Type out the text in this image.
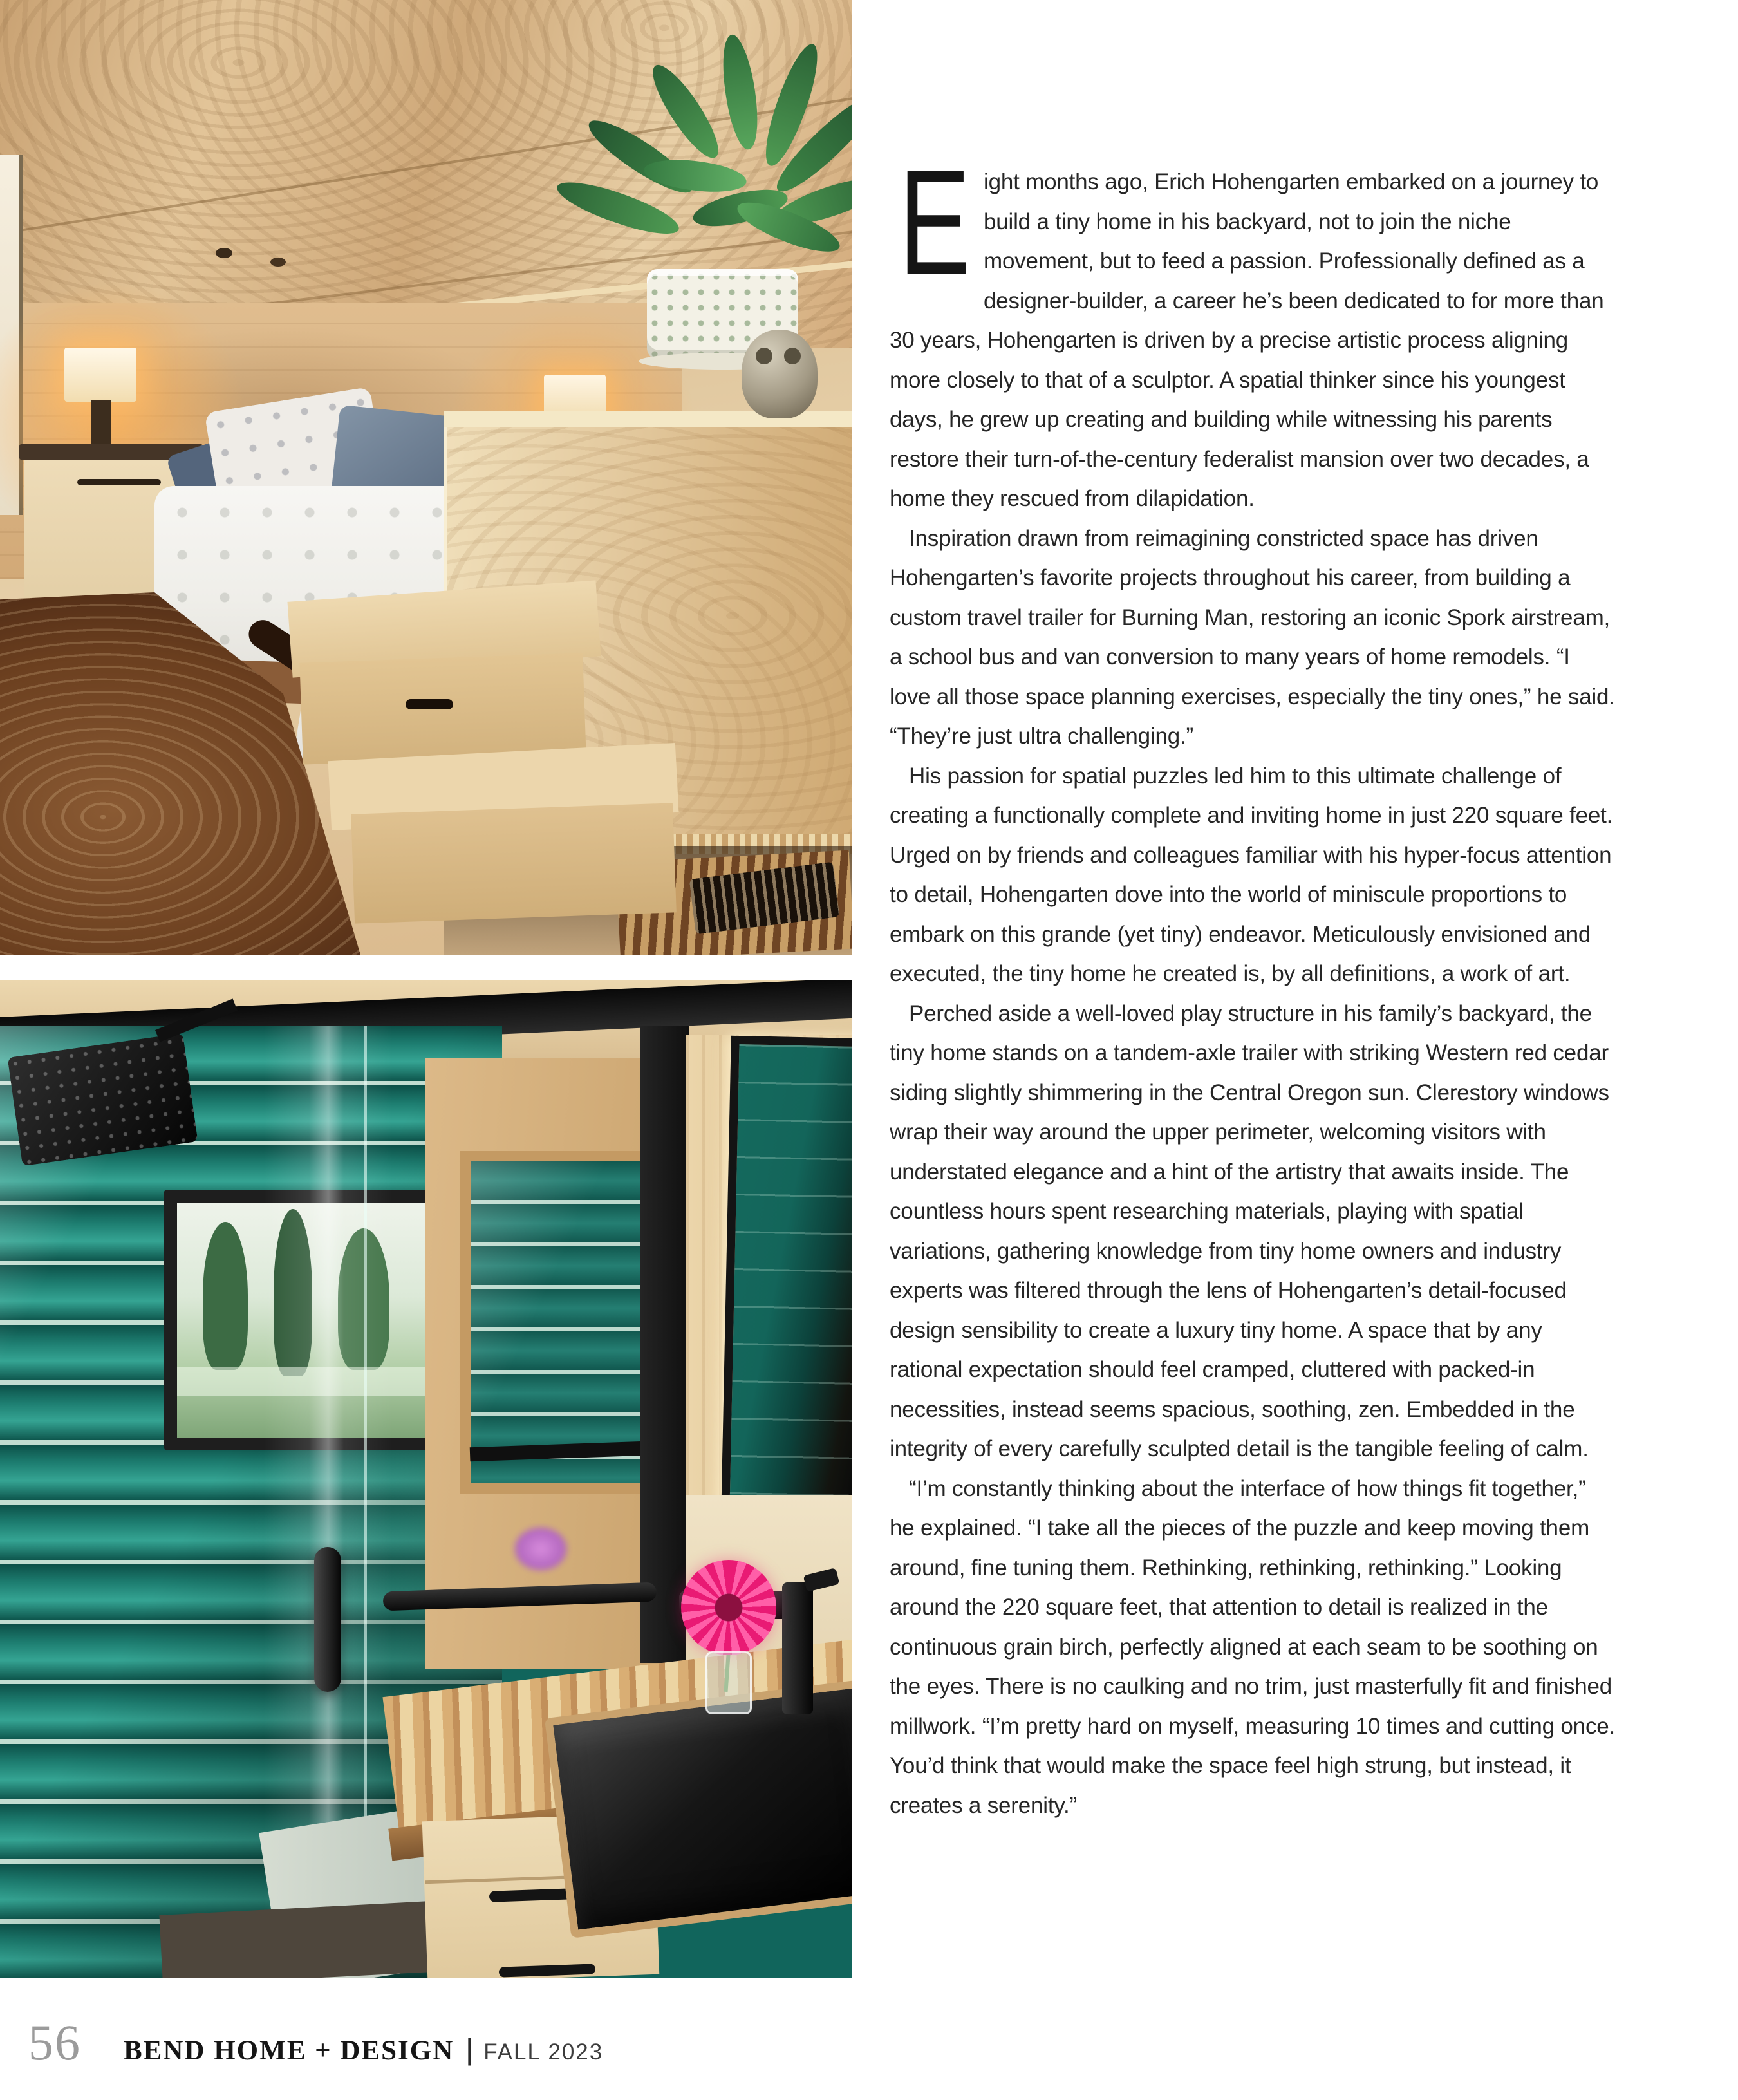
E ight months ago, Erich Hohengarten embarked on a journey to build a tiny home in his backyard, not to join the niche movement, but to feed a passion. Professionally defined as a designer-builder, a career he’s been dedicated to for more than 30 years, Hohengarten is driven by a precise artistic process aligning more closely to that of a sculptor. A spatial thinker since his youngest days, he grew up creating and building while witnessing his parents restore their turn-of-the-century federalist mansion over two decades, a home they rescued from dilapidation.

Inspiration drawn from reimagining constricted space has driven Hohengarten’s favorite projects throughout his career, from building a custom travel trailer for Burning Man, restoring an iconic Spork airstream, a school bus and van conversion to many years of home remodels. “I love all those space planning exercises, especially the tiny ones,” he said. “They’re just ultra challenging.”

His passion for spatial puzzles led him to this ultimate challenge of creating a functionally complete and inviting home in just 220 square feet. Urged on by friends and colleagues familiar with his hyper-focus attention to detail, Hohengarten dove into the world of miniscule proportions to embark on this grande (yet tiny) endeavor. Meticulously envisioned and executed, the tiny home he created is, by all definitions, a work of art.

Perched aside a well-loved play structure in his family’s backyard, the tiny home stands on a tandem-axle trailer with striking Western red cedar siding slightly shimmering in the Central Oregon sun. Clerestory windows wrap their way around the upper perimeter, welcoming visitors with understated elegance and a hint of the artistry that awaits inside. The countless hours spent researching materials, playing with spatial variations, gathering knowledge from tiny home owners and industry experts was filtered through the lens of Hohengarten’s detail-focused design sensibility to create a luxury tiny home. A space that by any rational expectation should feel cramped, cluttered with packed-in necessities, instead seems spacious, soothing, zen. Embedded in the integrity of every carefully sculpted detail is the tangible feeling of calm.

“I’m constantly thinking about the interface of how things fit together,” he explained. “I take all the pieces of the puzzle and keep moving them around, fine tuning them. Rethinking, rethinking, rethinking.” Looking around the 220 square feet, that attention to detail is realized in the continuous grain birch, perfectly aligned at each seam to be soothing on the eyes. There is no caulking and no trim, just masterfully fit and finished millwork. “I’m pretty hard on myself, measuring 10 times and cutting once. You’d think that would make the space feel high strung, but instead, it creates a serenity.”

56 BEND HOME + DESIGN | FALL 2023
